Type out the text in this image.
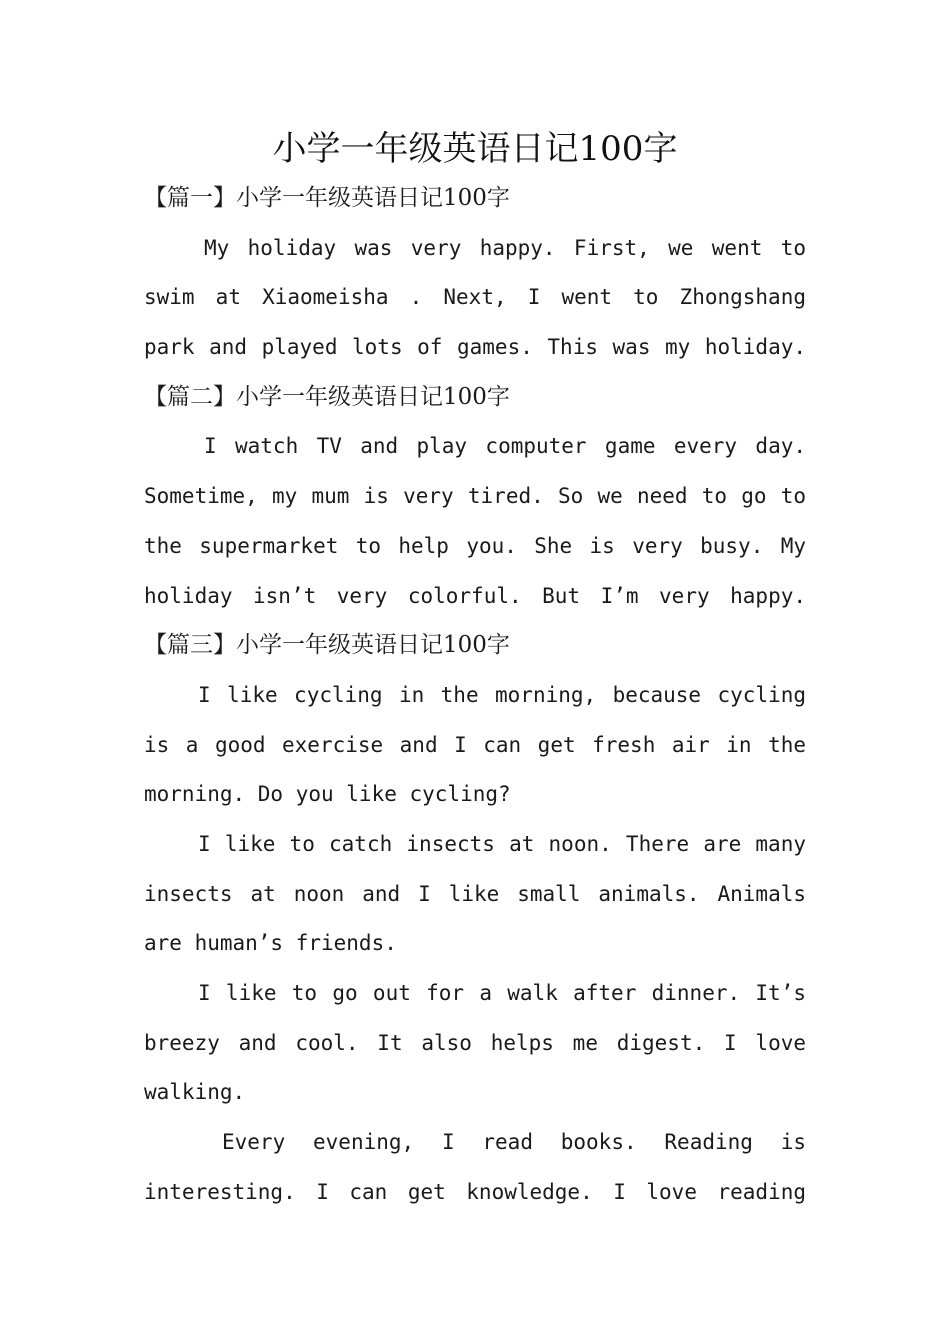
小学一年级英语日记100字
【篇一】小学一年级英语日记100字
My holiday was very happy. First, we went to
swim at Xiaomeisha . Next, I went to Zhongshang
park and played lots of games. This was my holiday.
【篇二】小学一年级英语日记100字
I watch TV and play computer game every day.
Sometime, my mum is very tired. So we need to go to
the supermarket to help you. She is very busy. My
holiday isn’t very colorful. But I’m very happy.
【篇三】小学一年级英语日记100字
I like cycling in the morning, because cycling
is a good exercise and I can get fresh air in the
morning. Do you like cycling?
I like to catch insects at noon. There are many
insects at noon and I like small animals. Animals
are human’s friends.
I like to go out for a walk after dinner. It’s
breezy and cool. It also helps me digest. I love
walking.
Every evening, I read books. Reading is
interesting. I can get knowledge. I love reading
